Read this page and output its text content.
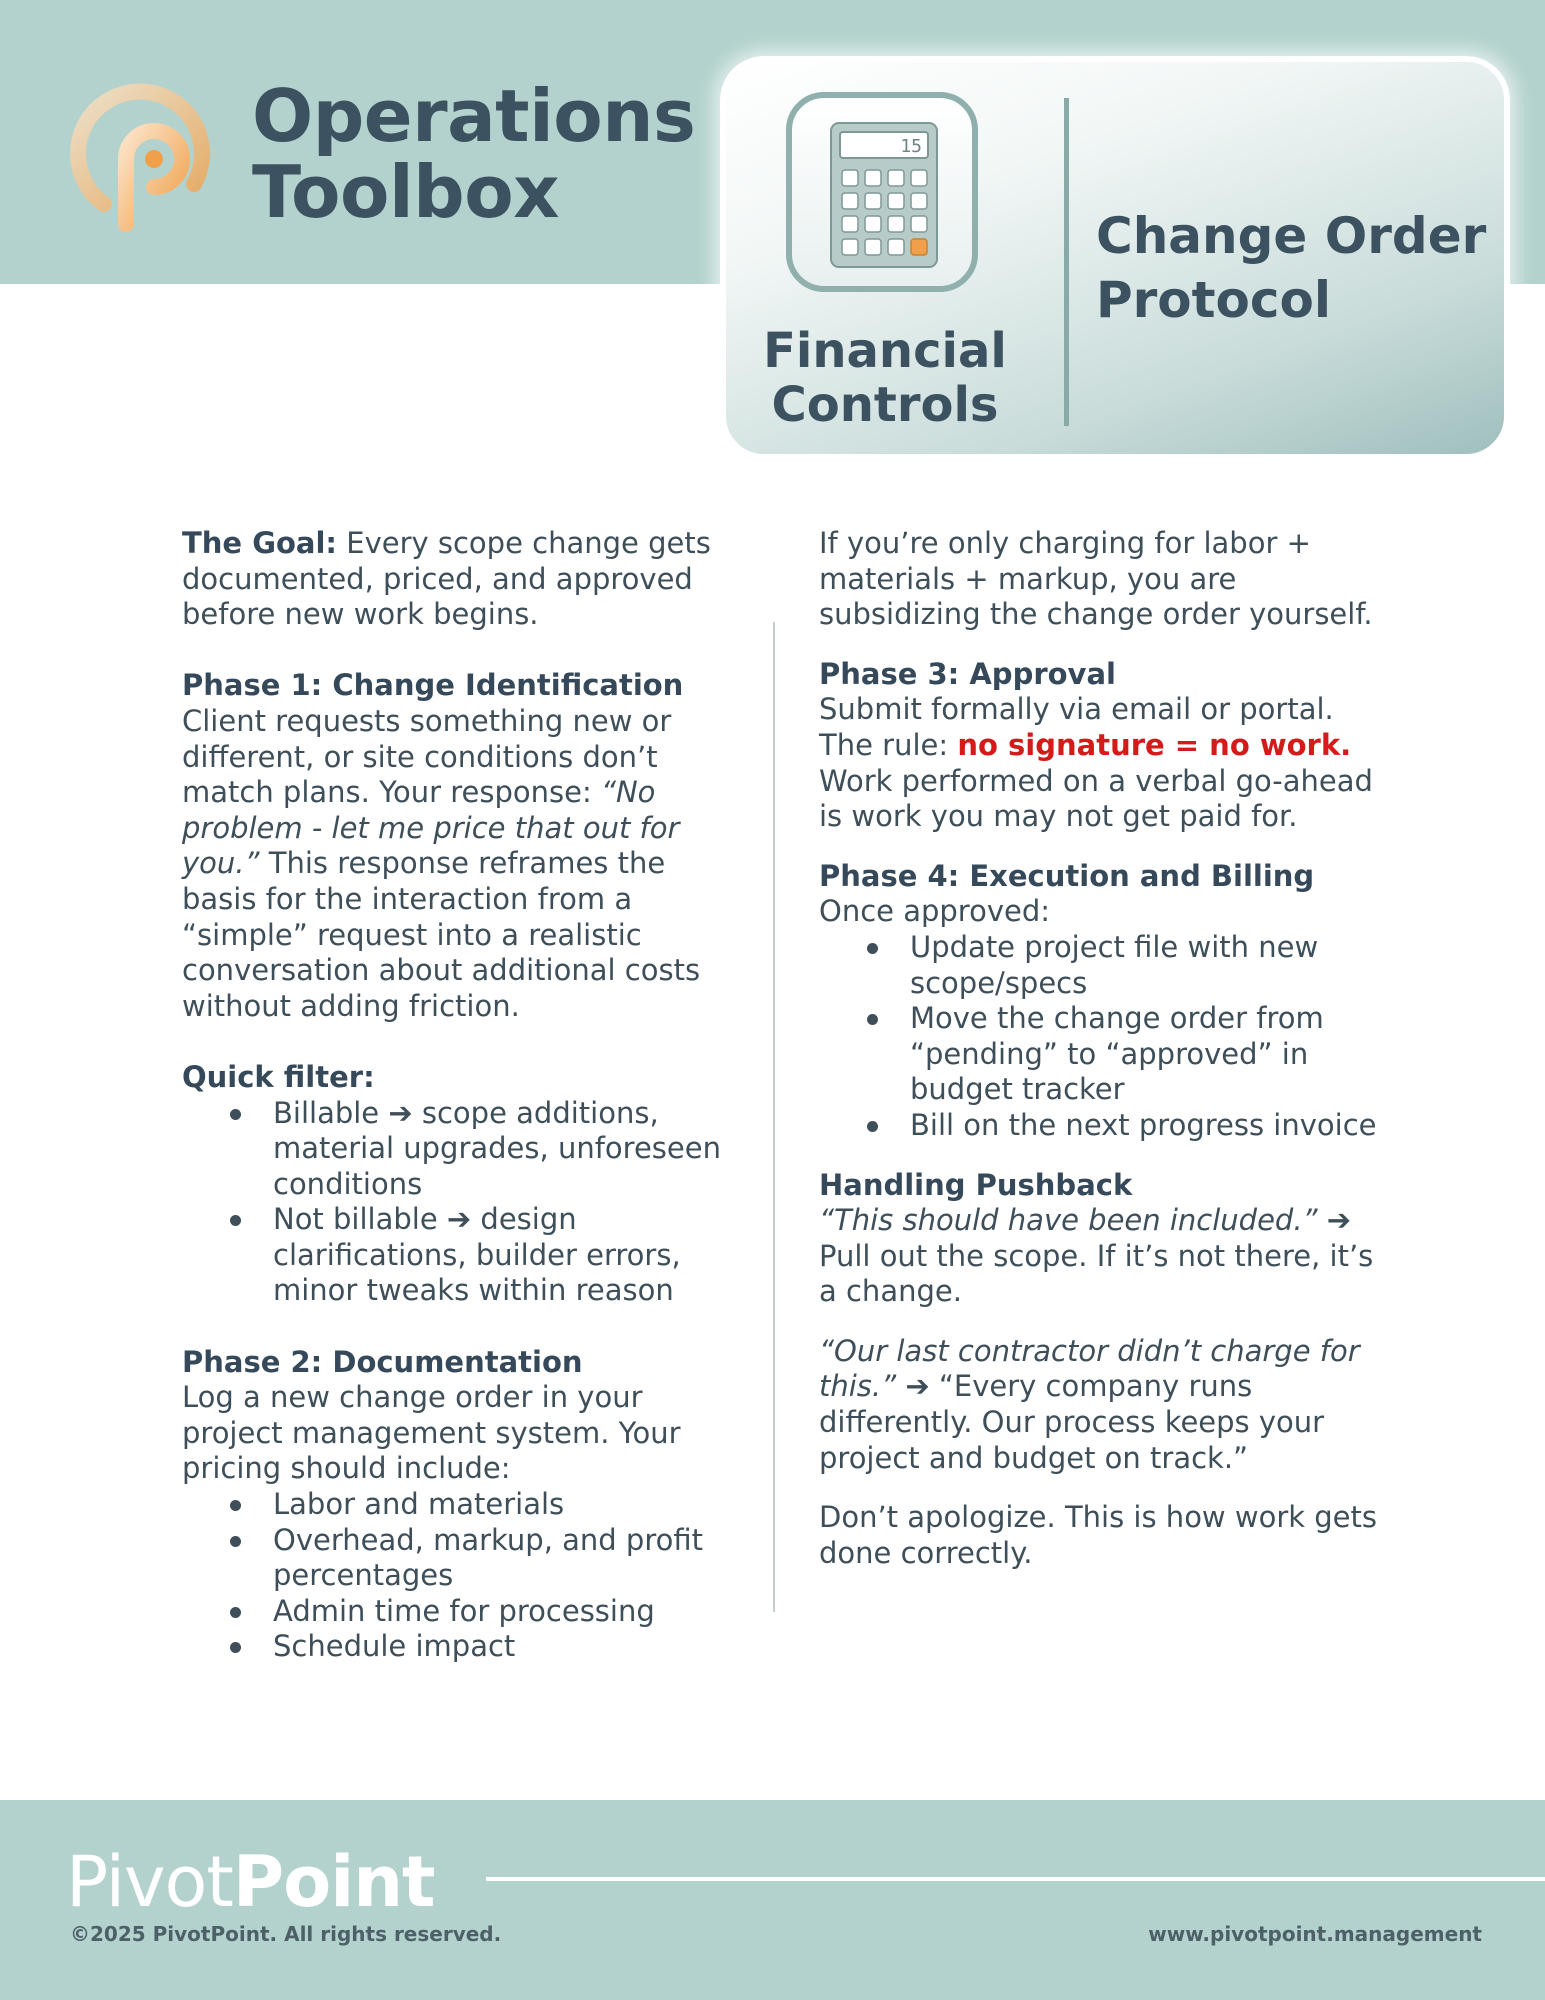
Operations
Toolbox
15
Financial
Controls
Change Order
Protocol

The Goal: Every scope change gets documented, priced, and approved before new work begins.

Phase 1: Change Identification

Client requests something new or different, or site conditions don’t match plans. Your response: “No problem - let me price that out for you.” This response reframes the basis for the interaction from a “simple” request into a realistic conversation about additional costs without adding friction.

Quick filter:

Billable ➔ scope additions, material upgrades, unforeseen conditions
Not billable ➔ design clarifications, builder errors, minor tweaks within reason

Phase 2: Documentation

Log a new change order in your project management system. Your pricing should include:

Labor and materials
Overhead, markup, and profit percentages
Admin time for processing
Schedule impact

If you’re only charging for labor + materials + markup, you are subsidizing the change order yourself.

Phase 3: Approval

Submit formally via email or portal. The rule: no signature = no work. Work performed on a verbal go-ahead is work you may not get paid for.

Phase 4: Execution and Billing

Once approved:

Update project file with new scope/specs
Move the change order from “pending” to “approved” in budget tracker
Bill on the next progress invoice

Handling Pushback

“This should have been included.” ➔ Pull out the scope. If it’s not there, it’s a change.

“Our last contractor didn’t charge for this.” ➔ “Every company runs differently. Our process keeps your project and budget on track.”

Don’t apologize. This is how work gets done correctly.

PivotPoint

©2025 PivotPoint. All rights reserved.	www.pivotpoint.management
